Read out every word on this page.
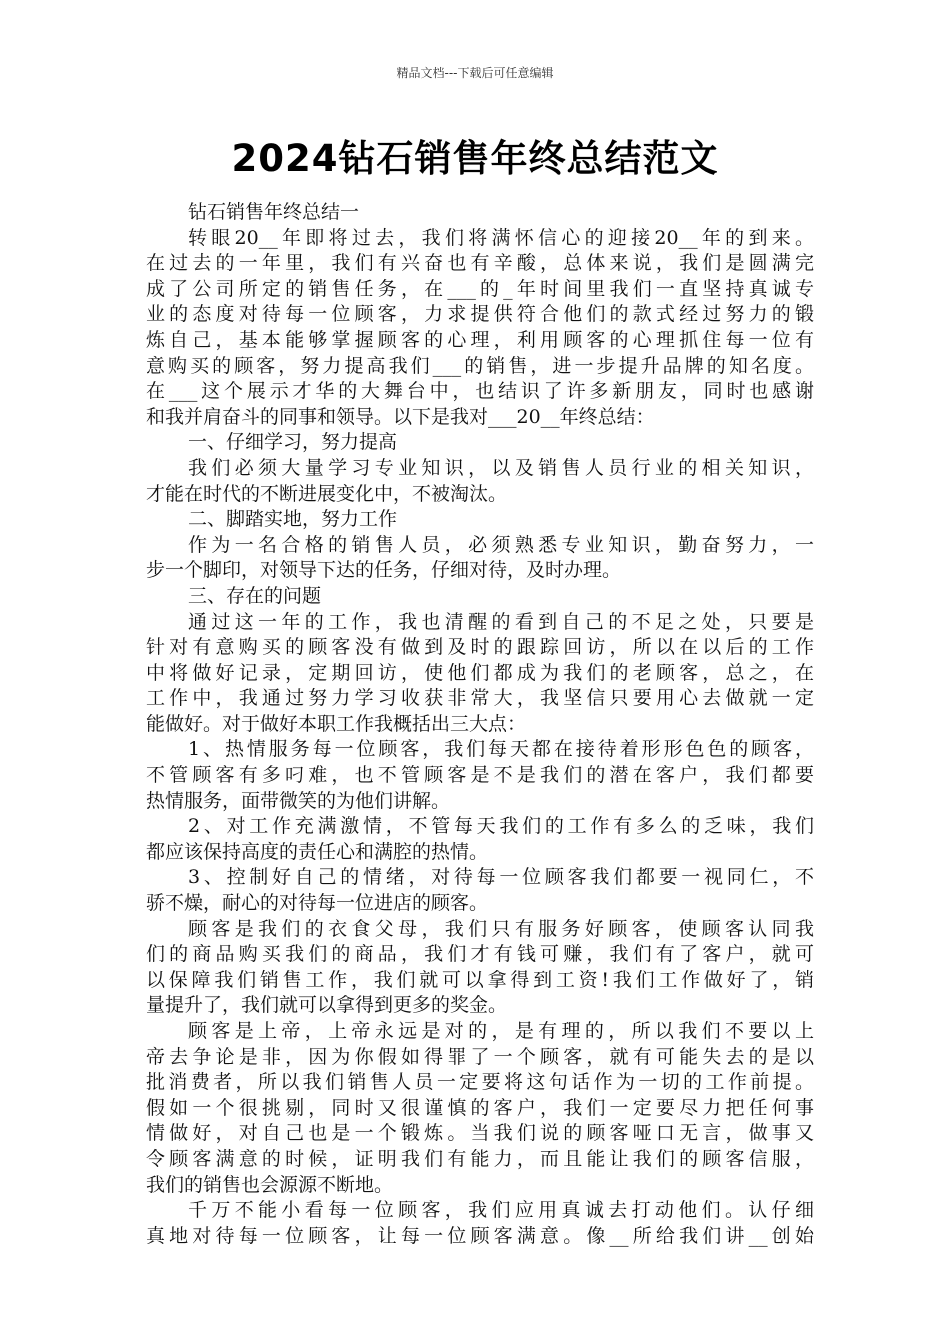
精品文档---下载后可任意编辑
2024钻石销售年终总结范文
钻石销售年终总结一
转眼20__年即将过去，我们将满怀信心的迎接20__年的到来。
在过去的一年里，我们有兴奋也有辛酸，总体来说，我们是圆满完
成了公司所定的销售任务，在___的_年时间里我们一直坚持真诚专
业的态度对待每一位顾客，力求提供符合他们的款式经过努力的锻
炼自己，基本能够掌握顾客的心理，利用顾客的心理抓住每一位有
意购买的顾客，努力提高我们___的销售，进一步提升品牌的知名度。
在___这个展示才华的大舞台中，也结识了许多新朋友，同时也感谢
和我并肩奋斗的同事和领导。以下是我对___20__年终总结：
一、仔细学习，努力提高
我们必须大量学习专业知识，以及销售人员行业的相关知识，
才能在时代的不断进展变化中，不被淘汰。
二、脚踏实地，努力工作
作为一名合格的销售人员，必须熟悉专业知识，勤奋努力，一
步一个脚印，对领导下达的任务，仔细对待，及时办理。
三、存在的问题
通过这一年的工作，我也清醒的看到自己的不足之处，只要是
针对有意购买的顾客没有做到及时的跟踪回访，所以在以后的工作
中将做好记录，定期回访，使他们都成为我们的老顾客，总之，在
工作中，我通过努力学习收获非常大，我坚信只要用心去做就一定
能做好。对于做好本职工作我概括出三大点：
1、热情服务每一位顾客，我们每天都在接待着形形色色的顾客，
不管顾客有多叼难，也不管顾客是不是我们的潜在客户，我们都要
热情服务，面带微笑的为他们讲解。
2、对工作充满激情，不管每天我们的工作有多么的乏味，我们
都应该保持高度的责任心和满腔的热情。
3、控制好自己的情绪，对待每一位顾客我们都要一视同仁，不
骄不燥，耐心的对待每一位进店的顾客。
顾客是我们的衣食父母，我们只有服务好顾客，使顾客认同我
们的商品购买我们的商品，我们才有钱可赚，我们有了客户，就可
以保障我们销售工作，我们就可以拿得到工资!我们工作做好了，销
量提升了，我们就可以拿得到更多的奖金。
顾客是上帝，上帝永远是对的，是有理的，所以我们不要以上
帝去争论是非，因为你假如得罪了一个顾客，就有可能失去的是以
批消费者，所以我们销售人员一定要将这句话作为一切的工作前提。
假如一个很挑剔，同时又很谨慎的客户，我们一定要尽力把任何事
情做好，对自己也是一个锻炼。当我们说的顾客哑口无言，做事又
令顾客满意的时候，证明我们有能力，而且能让我们的顾客信服，
我们的销售也会源源不断地。
千万不能小看每一位顾客，我们应用真诚去打动他们。认仔细
真地对待每一位顾客，让每一位顾客满意。像__所给我们讲__创始
